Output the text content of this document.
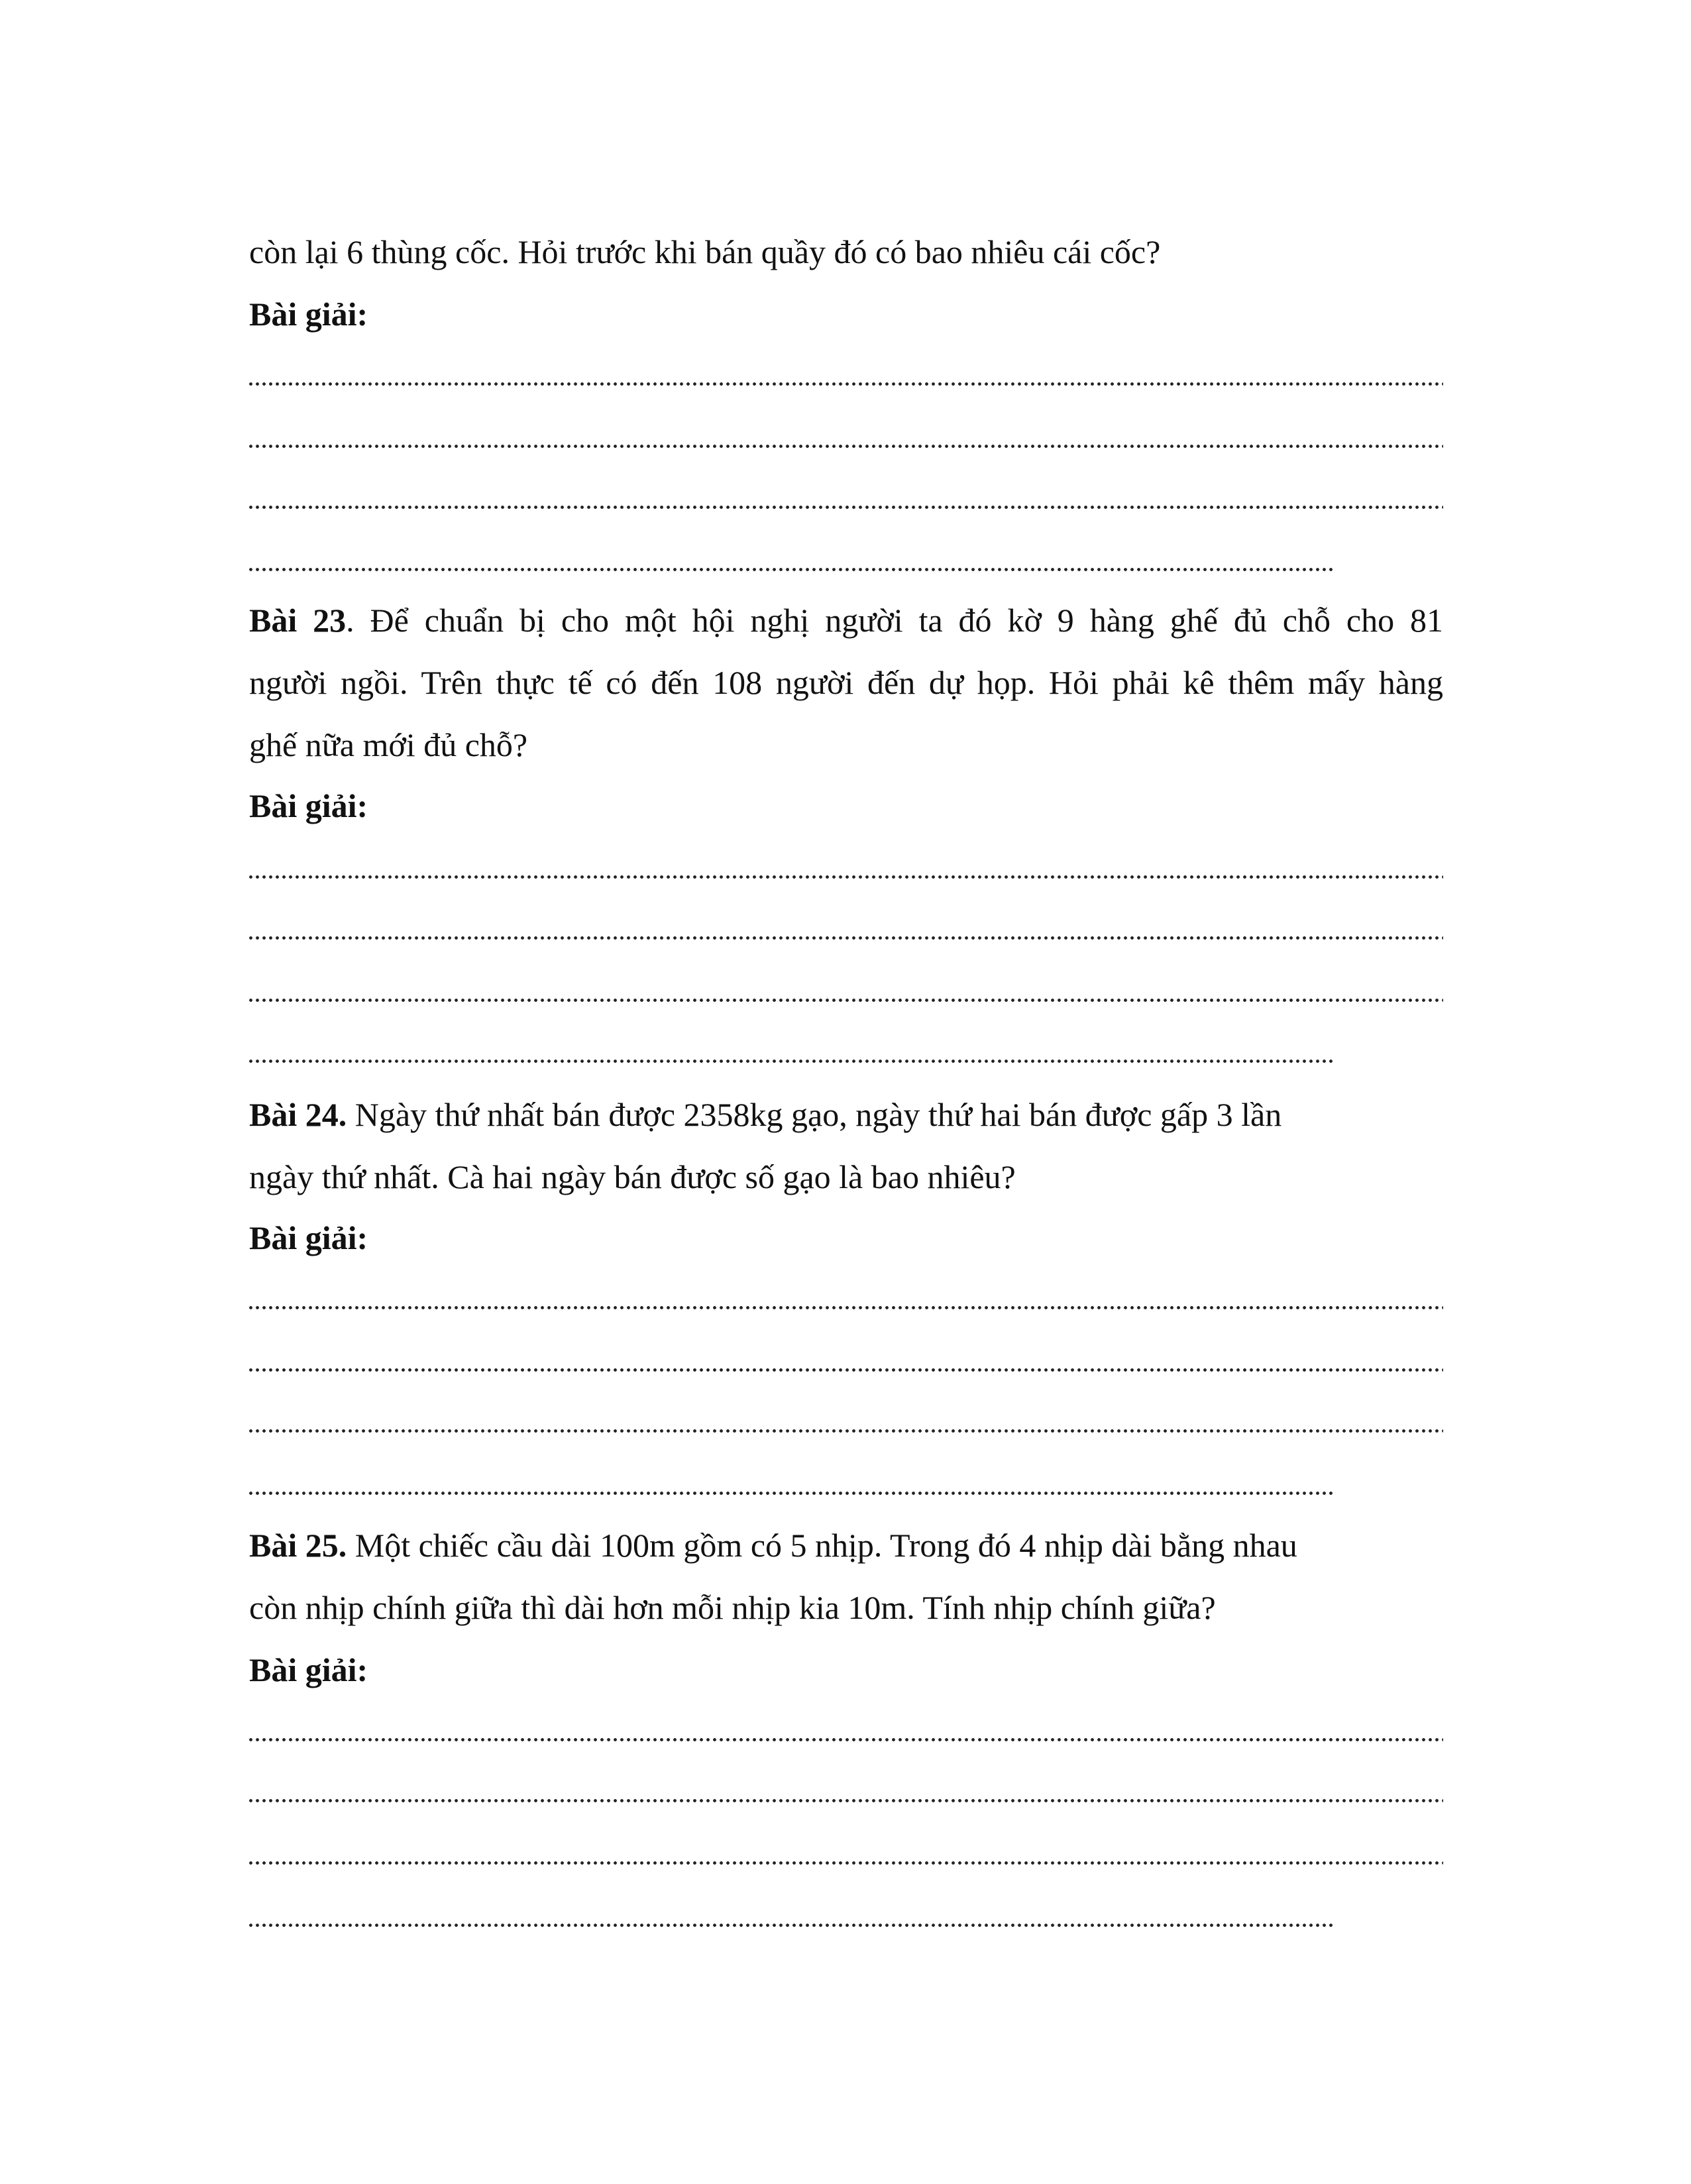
còn lại 6 thùng cốc. Hỏi trước khi bán quầy đó có bao nhiêu cái cốc?
Bài giải:
Bài 23. Để chuẩn bị cho một hội nghị người ta đó kờ 9 hàng ghế đủ chỗ cho 81
người ngồi. Trên thực tế có đến 108 người đến dự họp. Hỏi phải kê thêm mấy hàng
ghế nữa mới đủ chỗ?
Bài giải:
Bài 24. Ngày thứ nhất bán được 2358kg gạo, ngày thứ hai bán được gấp 3 lần
ngày thứ nhất. Cà hai ngày bán được số gạo là bao nhiêu?
Bài giải:
Bài 25. Một chiếc cầu dài 100m gồm có 5 nhịp. Trong đó 4 nhịp dài bằng nhau
còn nhịp chính giữa thì dài hơn mỗi nhịp kia 10m. Tính nhịp chính giữa?
Bài giải:
